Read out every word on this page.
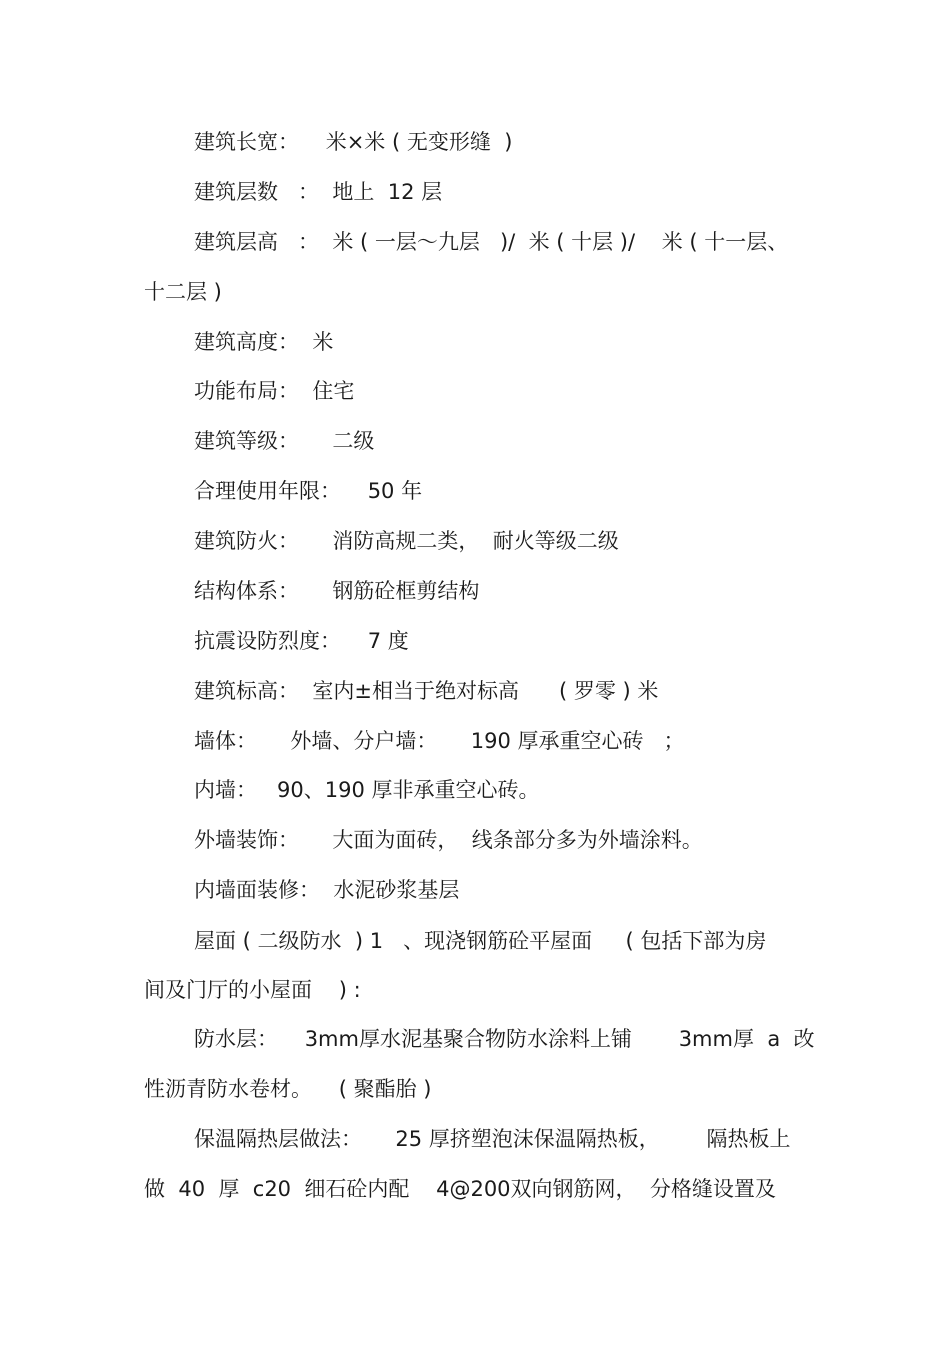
建筑长宽：    米×米 ( 无变形缝  )
建筑层数   ：  地上  12 层
建筑层高   ：  米 ( 一层～九层   )/  米 ( 十层 )/    米 ( 十一层、
十二层 )
建筑高度：  米
功能布局：  住宅
建筑等级：     二级
合理使用年限：    50 年
建筑防火：     消防高规二类，  耐火等级二级
结构体系：     钢筋砼框剪结构
抗震设防烈度：    7 度
建筑标高：  室内±相当于绝对标高      ( 罗零 ) 米
墙体：     外墙、分户墙：     190 厚承重空心砖   ；
内墙：   90、190 厚非承重空心砖。
外墙装饰：     大面为面砖，  线条部分多为外墙涂料。
内墙面装修：  水泥砂浆基层
屋面 ( 二级防水  ) 1   、现浇钢筋砼平屋面     ( 包括下部为房
间及门厅的小屋面    ) :
防水层：    3mm厚水泥基聚合物防水涂料上铺       3mm厚  a  改
性沥青防水卷材。    ( 聚酯胎 )
保温隔热层做法：     25 厚挤塑泡沫保温隔热板，       隔热板上
做  40  厚  c20  细石砼内配    4@200双向钢筋网，  分格缝设置及
